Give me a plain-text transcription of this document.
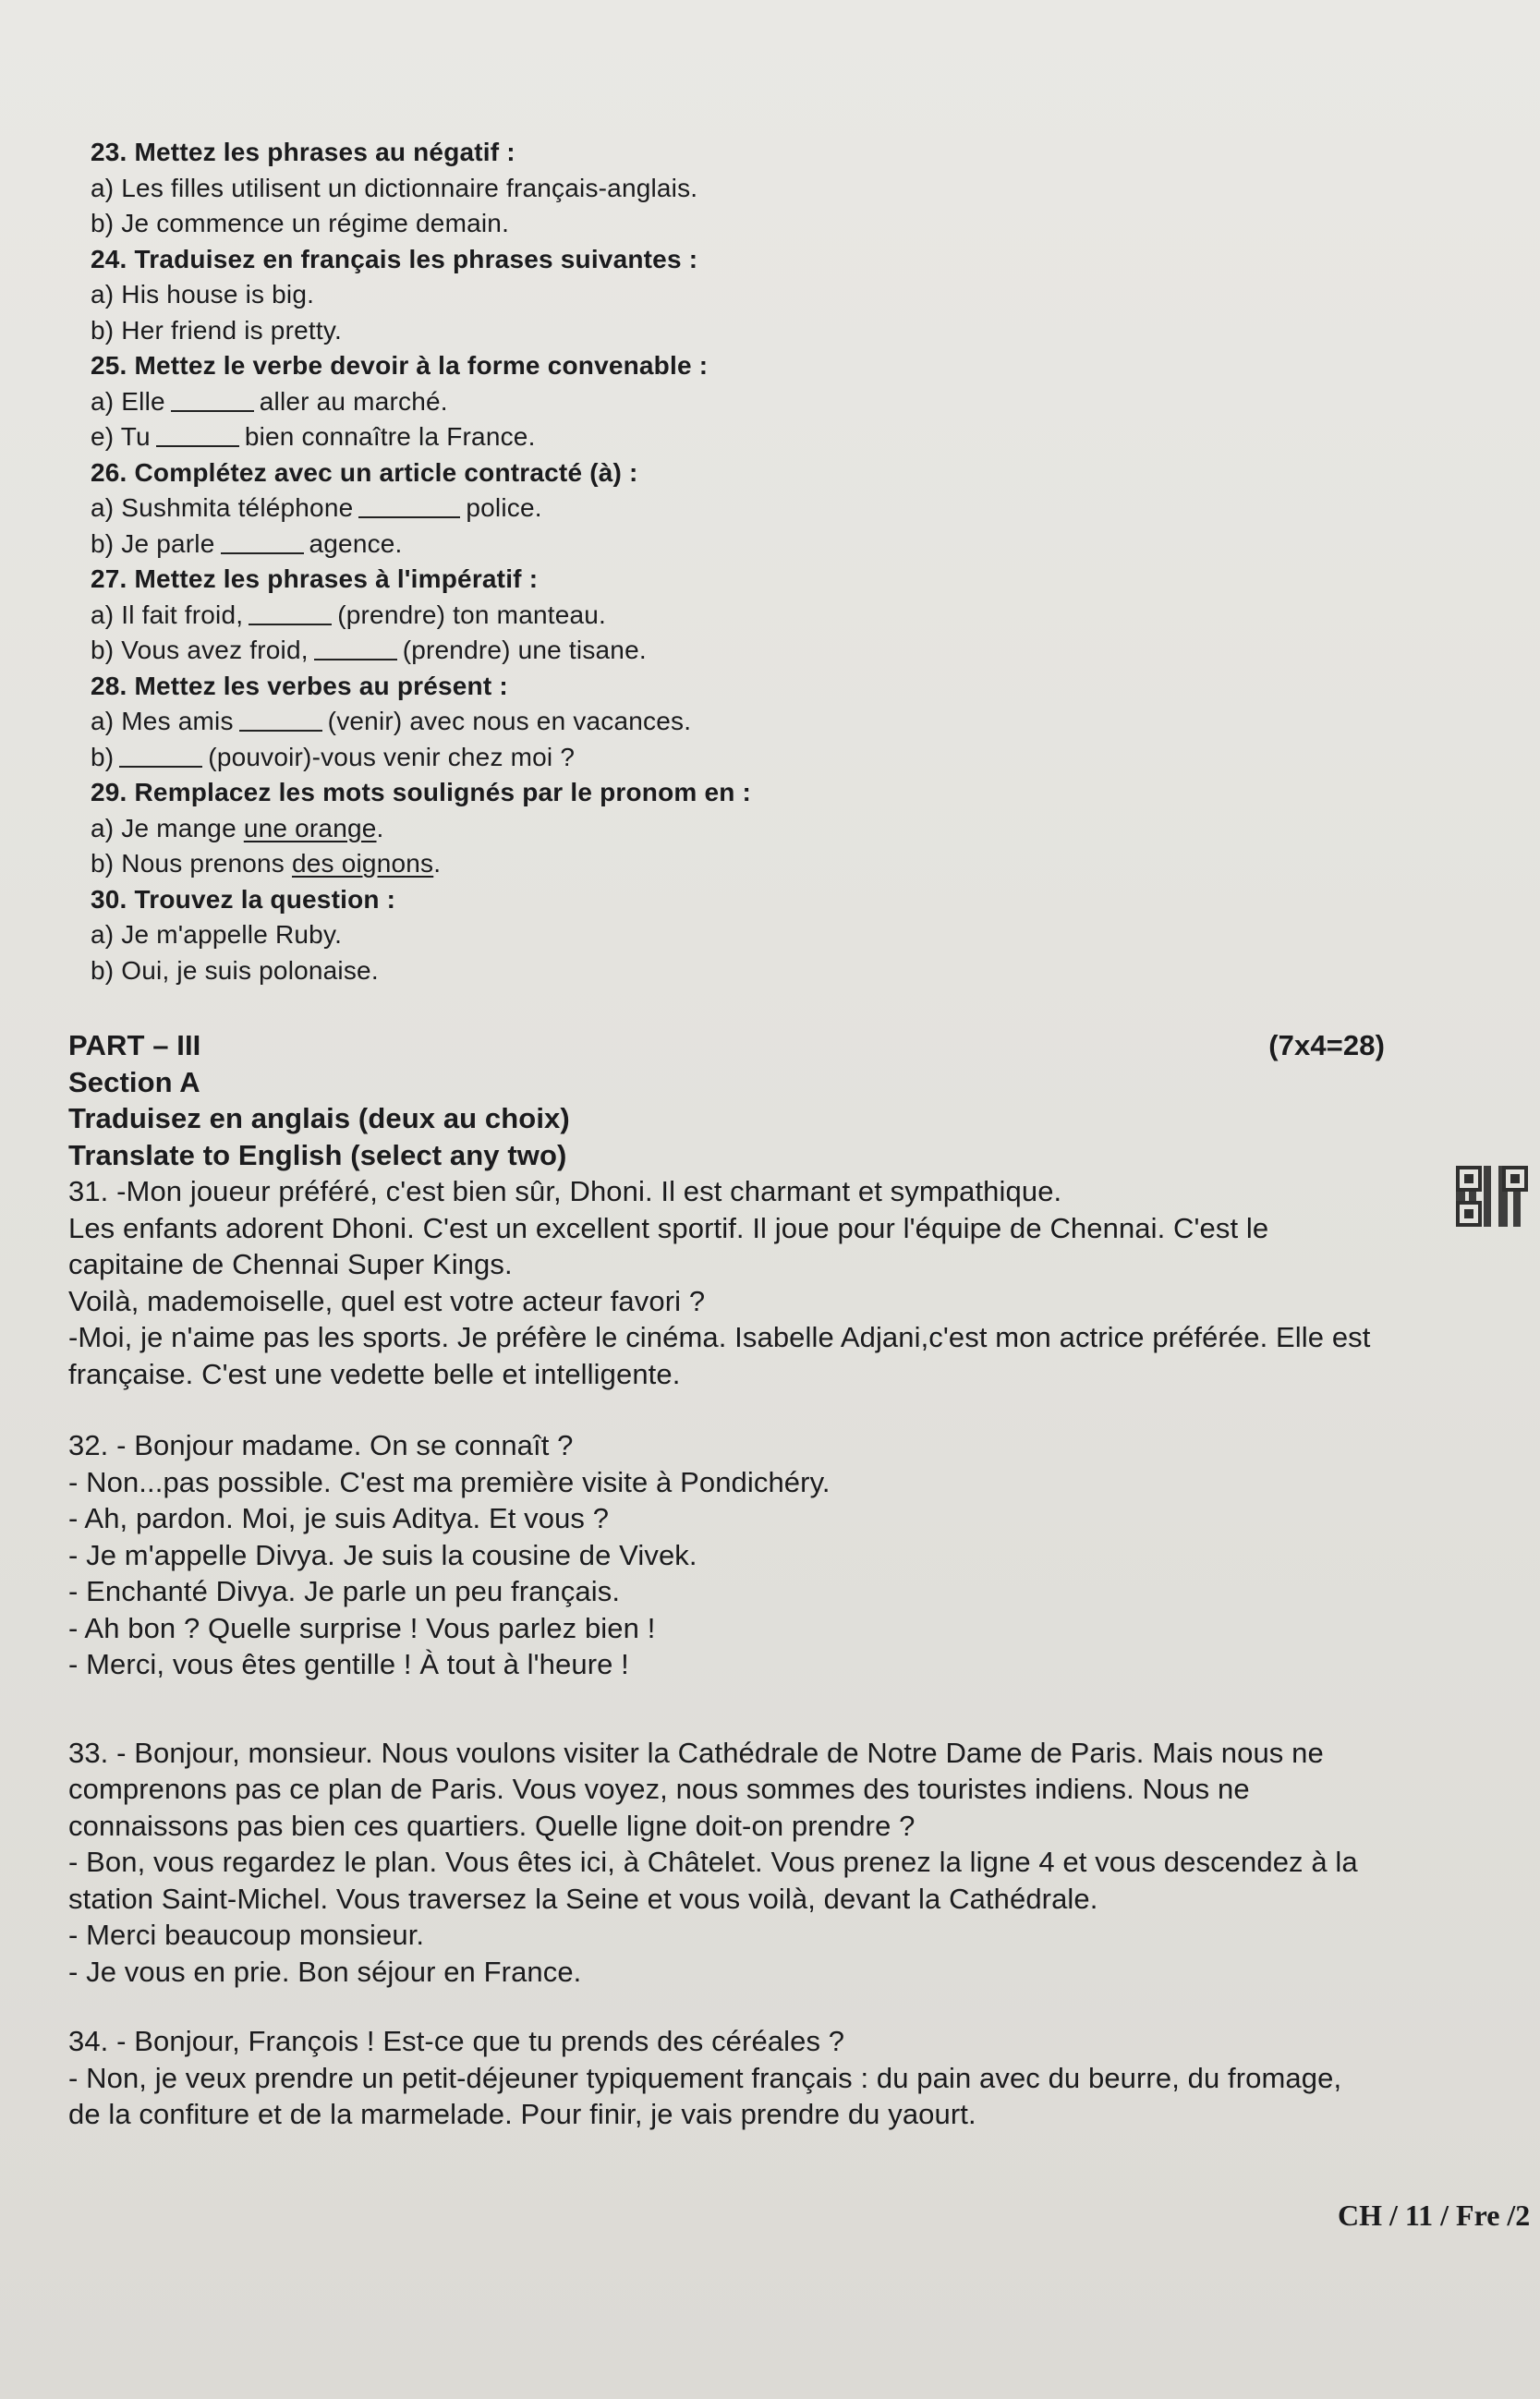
23. Mettez les phrases au négatif :
a) Les filles utilisent un dictionnaire français-anglais.
b) Je commence un régime demain.
24. Traduisez en français les phrases suivantes :
a) His house is big.
b) Her friend is pretty.
25. Mettez le verbe devoir à la forme convenable :
a) Elle	aller au marché.
e) Tu	bien connaître la France.
26. Complétez avec un article contracté (à) :
a) Sushmita téléphone	police.
b) Je parle	agence.
27. Mettez les phrases à l'impératif :
a) Il fait froid,	(prendre) ton manteau.
b) Vous avez froid,	(prendre) une tisane.
28. Mettez les verbes au présent :
a) Mes amis	(venir) avec nous en vacances.
b)	(pouvoir)-vous venir chez moi ?
29. Remplacez les mots soulignés par le pronom en :
a) Je mange une orange.
b) Nous prenons des oignons.
30. Trouvez la question :
a) Je m'appelle Ruby.
b) Oui, je suis polonaise.
PART – III	(7x4=28)
Section A
Traduisez en anglais (deux au choix)
Translate to English (select any two)
31. -Mon joueur préféré, c'est bien sûr, Dhoni. Il est charmant et sympathique.
Les enfants adorent Dhoni. C'est un excellent sportif. Il joue pour l'équipe de Chennai. C'est le
capitaine de Chennai Super Kings.
Voilà, mademoiselle, quel est votre acteur favori ?
-Moi, je n'aime pas les sports. Je préfère le cinéma. Isabelle Adjani,c'est mon actrice préférée. Elle est
française. C'est une vedette belle et intelligente.
32. - Bonjour madame. On se connaît ?
- Non...pas possible. C'est ma première visite à Pondichéry.
- Ah, pardon. Moi, je suis Aditya. Et vous ?
- Je m'appelle Divya. Je suis la cousine de Vivek.
- Enchanté Divya. Je parle un peu français.
- Ah bon ? Quelle surprise ! Vous parlez bien !
- Merci, vous êtes gentille ! À tout à l'heure !
33. - Bonjour, monsieur. Nous voulons visiter la Cathédrale de Notre Dame de Paris. Mais nous ne
comprenons pas ce plan de Paris. Vous voyez, nous sommes des touristes indiens. Nous ne
connaissons pas bien ces quartiers. Quelle ligne doit-on prendre ?
- Bon, vous regardez le plan. Vous êtes ici, à Châtelet. Vous prenez la ligne 4 et vous descendez à la
station Saint-Michel. Vous traversez la Seine et vous voilà, devant la Cathédrale.
- Merci beaucoup monsieur.
- Je vous en prie. Bon séjour en France.
34. - Bonjour, François ! Est-ce que tu prends des céréales ?
- Non, je veux prendre un petit-déjeuner typiquement français : du pain avec du beurre, du fromage,
de la confiture et de la marmelade. Pour finir, je vais prendre du yaourt.
CH / 11 / Fre /2
